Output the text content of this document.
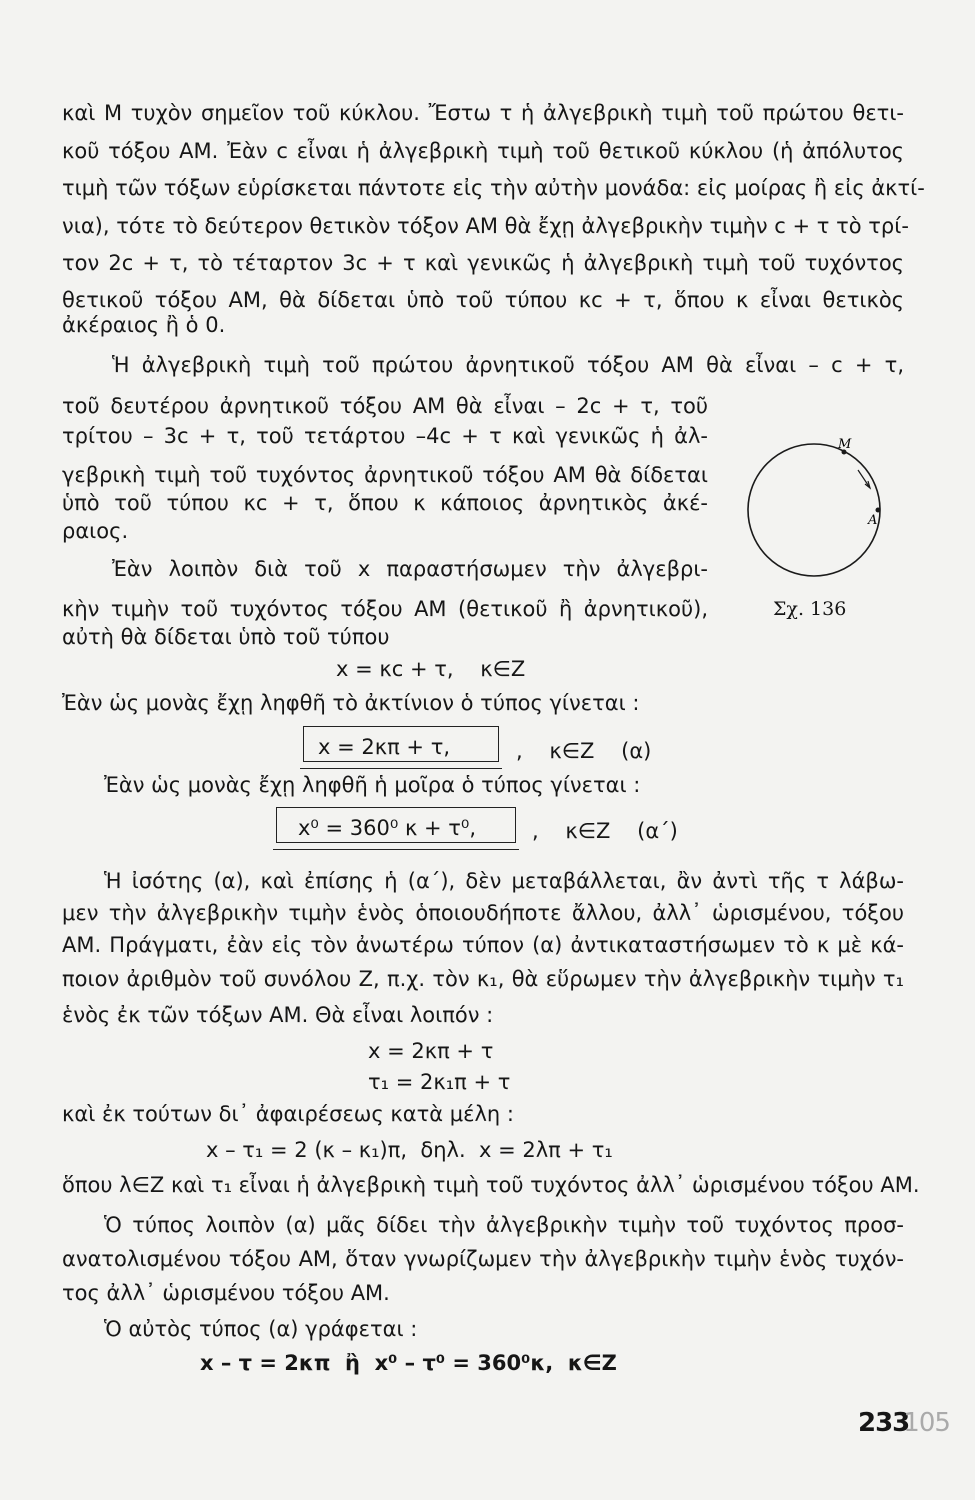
καὶ Μ τυχὸν σημεῖον τοῦ κύκλου. Ἔστω τ ἡ ἀλγεβρικὴ τιμὴ τοῦ πρώτου θετι-
κοῦ τόξου ΑΜ. Ἐὰν c εἶναι ἡ ἀλγεβρικὴ τιμὴ τοῦ θετικοῦ κύκλου (ἡ ἀπόλυτος
τιμὴ τῶν τόξων εὑρίσκεται πάντοτε εἰς τὴν αὐτὴν μονάδα: εἰς μοίρας ἢ εἰς ἀκτί-
νια), τότε τὸ δεύτερον θετικὸν τόξον ΑΜ θὰ ἔχῃ ἀλγεβρικὴν τιμὴν c + τ τὸ τρί-
τον 2c + τ, τὸ τέταρτον 3c + τ καὶ γενικῶς ἡ ἀλγεβρικὴ τιμὴ τοῦ τυχόντος
θετικοῦ τόξου ΑΜ, θὰ δίδεται ὑπὸ τοῦ τύπου κc + τ, ὅπου κ εἶναι θετικὸς
ἀκέραιος ἢ ὁ 0.
Ἡ ἀλγεβρικὴ τιμὴ τοῦ πρώτου ἀρνητικοῦ τόξου ΑΜ θὰ εἶναι – c + τ,
τοῦ δευτέρου ἀρνητικοῦ τόξου ΑΜ θὰ εἶναι – 2c + τ, τοῦ
τρίτου – 3c + τ, τοῦ τετάρτου –4c + τ καὶ γενικῶς ἡ ἀλ-
γεβρικὴ τιμὴ τοῦ τυχόντος ἀρνητικοῦ τόξου ΑΜ θὰ δίδεται
ὑπὸ τοῦ τύπου κc + τ, ὅπου κ κάποιος ἀρνητικὸς ἀκέ-
ραιος.
Ἐὰν λοιπὸν διὰ τοῦ x παραστήσωμεν τὴν ἀλγεβρι-
κὴν τιμὴν τοῦ τυχόντος τόξου ΑΜ (θετικοῦ ἢ ἀρνητικοῦ),
αὐτὴ θὰ δίδεται ὑπὸ τοῦ τύπου
x = κc + τ,    κ∈Z
Ἐὰν ὡς μονὰς ἔχῃ ληφθῆ τὸ ἀκτίνιον ὁ τύπος γίνεται :
x = 2κπ + τ,	,    κ∈Z    (α)
Ἐὰν ὡς μονὰς ἔχῃ ληφθῆ ἡ μοῖρα ὁ τύπος γίνεται :
x⁰ = 360⁰ κ + τ⁰,	,    κ∈Z    (α΄)
Ἡ ἰσότης (α), καὶ ἐπίσης ἡ (α΄), δὲν μεταβάλλεται, ἂν ἀντὶ τῆς τ λάβω-
μεν τὴν ἀλγεβρικὴν τιμὴν ἑνὸς ὁποιουδήποτε ἄλλου, ἀλλ᾽ ὡρισμένου, τόξου
ΑΜ. Πράγματι, ἐὰν εἰς τὸν ἀνωτέρω τύπον (α) ἀντικαταστήσωμεν τὸ κ μὲ κά-
ποιον ἀριθμὸν τοῦ συνόλου Z, π.χ. τὸν κ₁, θὰ εὕρωμεν τὴν ἀλγεβρικὴν τιμὴν τ₁
ἑνὸς ἐκ τῶν τόξων ΑΜ. Θὰ εἶναι λοιπόν :
x = 2κπ + τ
τ₁ = 2κ₁π + τ
καὶ ἐκ τούτων δι᾽ ἀφαιρέσεως κατὰ μέλη :
x – τ₁ = 2 (κ – κ₁)π,  δηλ.  x = 2λπ + τ₁
ὅπου λ∈Z καὶ τ₁ εἶναι ἡ ἀλγεβρικὴ τιμὴ τοῦ τυχόντος ἀλλ᾽ ὡρισμένου τόξου ΑΜ.
Ὁ τύπος λοιπὸν (α) μᾶς δίδει τὴν ἀλγεβρικὴν τιμὴν τοῦ τυχόντος προσ-
ανατολισμένου τόξου ΑΜ, ὅταν γνωρίζωμεν τὴν ἀλγεβρικὴν τιμὴν ἑνὸς τυχόν-
τος ἀλλ᾽ ὡρισμένου τόξου ΑΜ.
Ὁ αὐτὸς τύπος (α) γράφεται :
x – τ = 2κπ  ἢ  x⁰ – τ⁰ = 360⁰κ,  κ∈Z
M
A
Σχ. 136
233105
